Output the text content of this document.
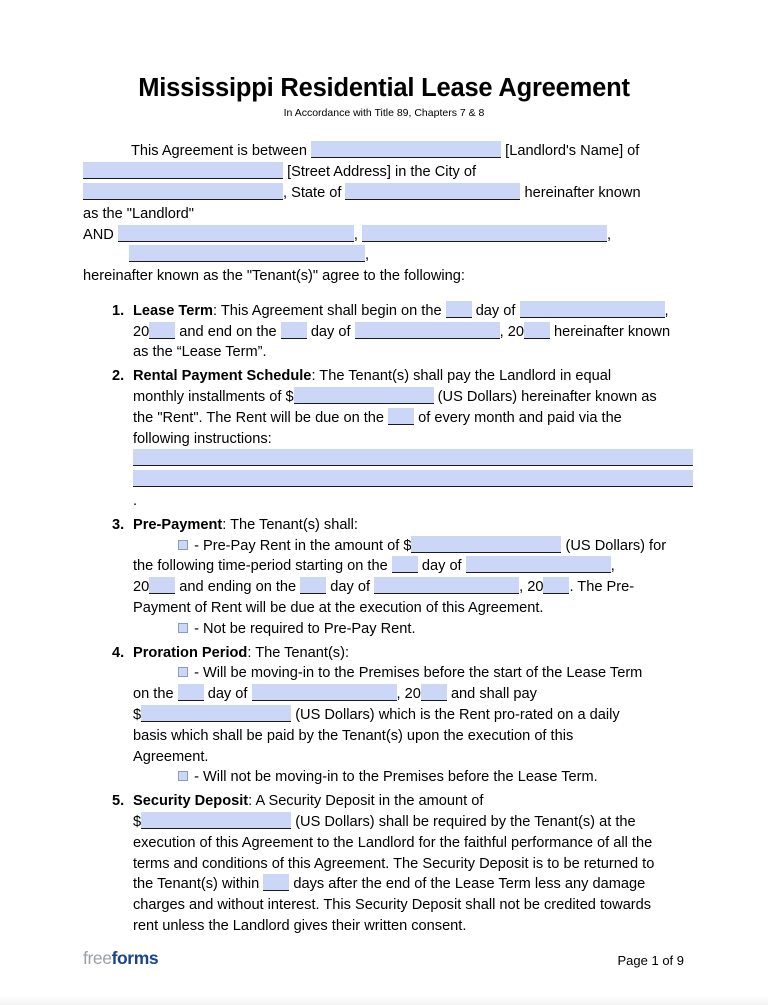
Mississippi Residential Lease Agreement
In Accordance with Title 89, Chapters 7 & 8

This Agreement is between	[Landlord's Name] of
[Street Address] in the City of
, State of	hereinafter known
as the "Landlord"
AND	,	,
,
hereinafter known as the "Tenant(s)" agree to the following:

Lease Term: This Agreement shall begin on the day of	,
20 and end on the day of	, 20 hereinafter known
as the “Lease Term”.
Rental Payment Schedule: The Tenant(s) shall pay the Landlord in equal
monthly installments of $	(US Dollars) hereinafter known as
the "Rent". The Rent will be due on the of every month and paid via the
following instructions:

.
Pre-Payment: The Tenant(s) shall:
- Pre-Pay Rent in the amount of $	(US Dollars) for
the following time-period starting on the day of	,
20 and ending on the day of	, 20 . The Pre-
Payment of Rent will be due at the execution of this Agreement.
- Not be required to Pre-Pay Rent.
Proration Period: The Tenant(s):
- Will be moving-in to the Premises before the start of the Lease Term
on the day of	, 20 and shall pay
$	(US Dollars) which is the Rent pro-rated on a daily
basis which shall be paid by the Tenant(s) upon the execution of this
Agreement.
- Will not be moving-in to the Premises before the Lease Term.
Security Deposit: A Security Deposit in the amount of
$	(US Dollars) shall be required by the Tenant(s) at the
execution of this Agreement to the Landlord for the faithful performance of all the
terms and conditions of this Agreement. The Security Deposit is to be returned to
the Tenant(s) within days after the end of the Lease Term less any damage
charges and without interest. This Security Deposit shall not be credited towards
rent unless the Landlord gives their written consent.
freeforms	Page 1 of 9
